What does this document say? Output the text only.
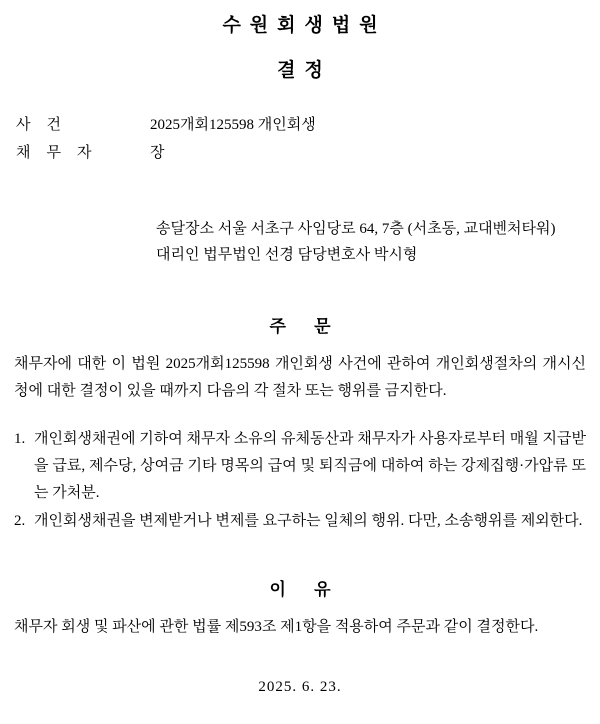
수원회생법원
결정
사건	2025개회125598 개인회생
채무자	장
송달장소 서울 서초구 사임당로 64, 7층 (서초동, 교대벤처타워)
대리인 법무법인 선경 담당변호사 박시형
주 문
채무자에 대한 이 법원 2025개회125598 개인회생 사건에 관하여 개인회생절차의 개시신청에 대한 결정이 있을 때까지 다음의 각 절차 또는 행위를 금지한다.
1. 개인회생채권에 기하여 채무자 소유의 유체동산과 채무자가 사용자로부터 매월 지급받을 급료, 제수당, 상여금 기타 명목의 급여 및 퇴직금에 대하여 하는 강제집행·가압류 또는 가처분.
2. 개인회생채권을 변제받거나 변제를 요구하는 일체의 행위. 다만, 소송행위를 제외한다.
이 유
채무자 회생 및 파산에 관한 법률 제593조 제1항을 적용하여 주문과 같이 결정한다.
2025. 6. 23.
